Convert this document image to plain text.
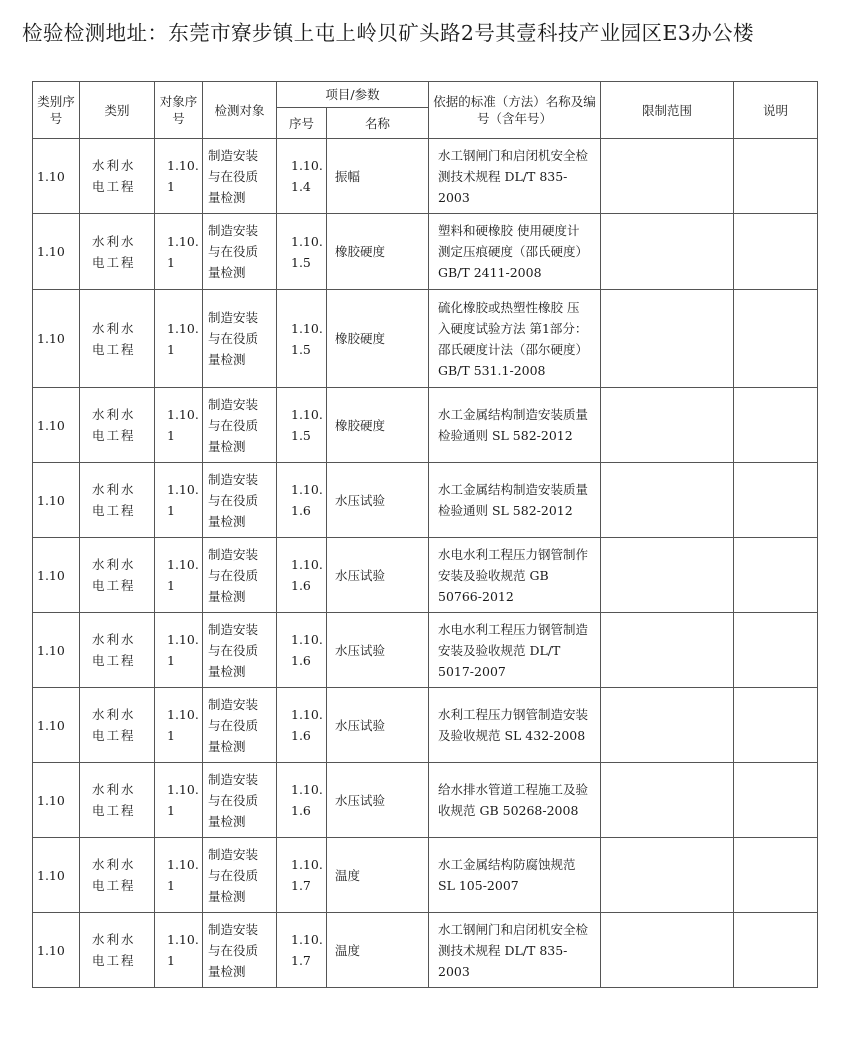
检验检测地址：东莞市寮步镇上屯上岭贝矿头路2号其壹科技产业园区E3办公楼
类别序号	类别	对象序号	检测对象	项目/参数		依据的标准（方法）名称及编号（含年号）	限制范围	说明
				序号	名称			

1.10	水利水
电工程	1.10.
1	制造安装
与在役质
量检测	1.10.
1.4	振幅	水工钢闸门和启闭机安全检
测技术规程 DL/T 835-2003		

1.10	水利水
电工程	1.10.
1	制造安装
与在役质
量检测	1.10.
1.5	橡胶硬度	塑料和硬橡胶 使用硬度计
测定压痕硬度（邵氏硬度）
GB/T 2411-2008		

1.10	水利水
电工程	1.10.
1	制造安装
与在役质
量检测	1.10.
1.5	橡胶硬度	硫化橡胶或热塑性橡胶 压
入硬度试验方法 第1部分：
邵氏硬度计法（邵尔硬度）
GB/T 531.1-2008		

1.10	水利水
电工程	1.10.
1	制造安装
与在役质
量检测	1.10.
1.5	橡胶硬度	水工金属结构制造安装质量
检验通则 SL 582-2012		

1.10	水利水
电工程	1.10.
1	制造安装
与在役质
量检测	1.10.
1.6	水压试验	水工金属结构制造安装质量
检验通则 SL 582-2012		

1.10	水利水
电工程	1.10.
1	制造安装
与在役质
量检测	1.10.
1.6	水压试验	水电水利工程压力钢管制作
安装及验收规范 GB
50766-2012		

1.10	水利水
电工程	1.10.
1	制造安装
与在役质
量检测	1.10.
1.6	水压试验	水电水利工程压力钢管制造
安装及验收规范 DL/T
5017-2007		

1.10	水利水
电工程	1.10.
1	制造安装
与在役质
量检测	1.10.
1.6	水压试验	水利工程压力钢管制造安装
及验收规范 SL 432-2008		

1.10	水利水
电工程	1.10.
1	制造安装
与在役质
量检测	1.10.
1.6	水压试验	给水排水管道工程施工及验
收规范 GB 50268-2008		

1.10	水利水
电工程	1.10.
1	制造安装
与在役质
量检测	1.10.
1.7	温度	水工金属结构防腐蚀规范
SL 105-2007		

1.10	水利水
电工程	1.10.
1	制造安装
与在役质
量检测	1.10.
1.7	温度	水工钢闸门和启闭机安全检
测技术规程 DL/T 835-2003		
